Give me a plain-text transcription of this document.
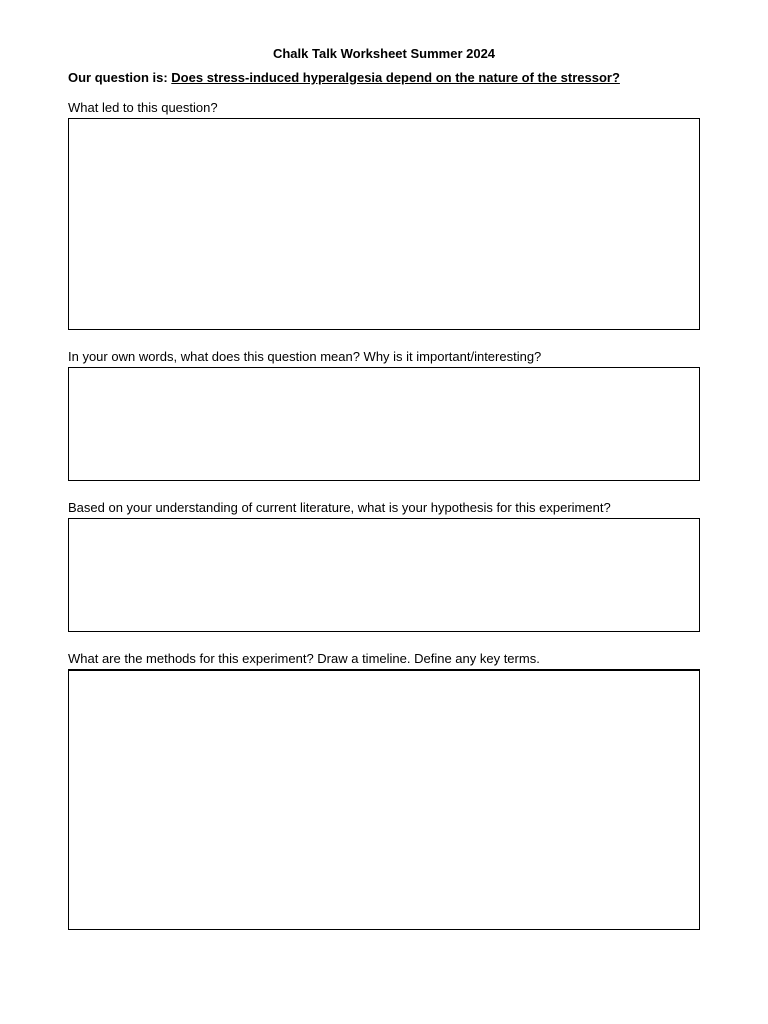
Chalk Talk Worksheet Summer 2024
Our question is: Does stress-induced hyperalgesia depend on the nature of the stressor?
What led to this question?
In your own words, what does this question mean? Why is it important/interesting?
Based on your understanding of current literature, what is your hypothesis for this experiment?
What are the methods for this experiment? Draw a timeline. Define any key terms.
